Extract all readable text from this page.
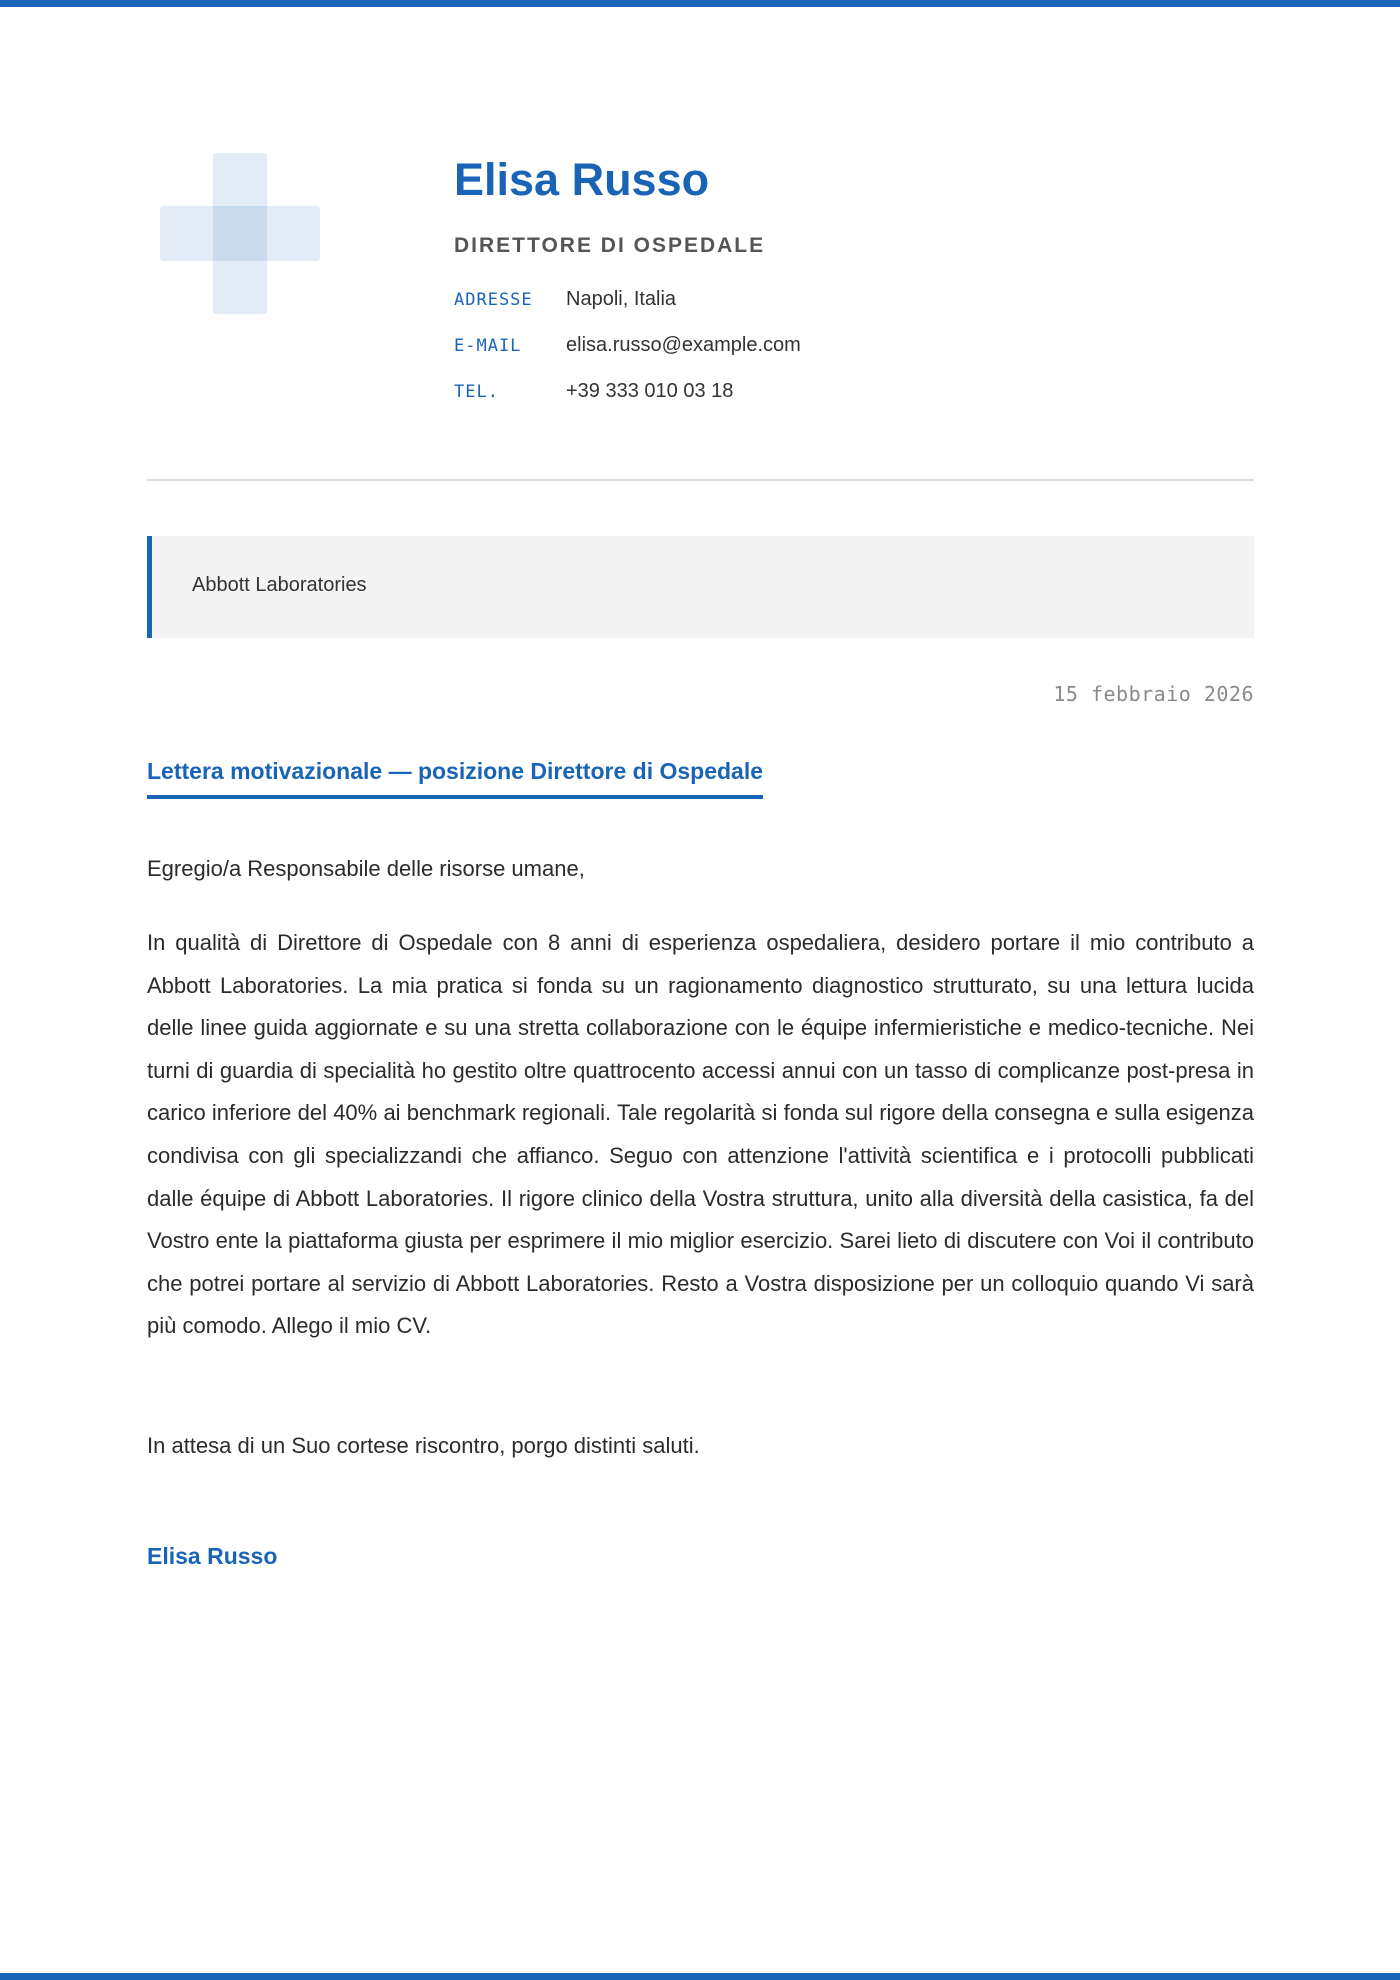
Elisa Russo
DIRETTORE DI OSPEDALE
ADRESSE	Napoli, Italia
E-MAIL	elisa.russo@example.com
TEL.	+39 333 010 03 18
Abbott Laboratories
15 febbraio 2026
Lettera motivazionale — posizione Direttore di Ospedale
Egregio/a Responsabile delle risorse umane,

In qualità di Direttore di Ospedale con 8 anni di esperienza ospedaliera, desidero portare il mio contributo a Abbott Laboratories. La mia pratica si fonda su un ragionamento diagnostico strutturato, su una lettura lucida delle linee guida aggiornate e su una stretta collaborazione con le équipe infermieristiche e medico-tecniche. Nei turni di guardia di specialità ho gestito oltre quattrocento accessi annui con un tasso di complicanze post-presa in carico inferiore del 40% ai benchmark regionali. Tale regolarità si fonda sul rigore della consegna e sulla esigenza condivisa con gli specializzandi che affianco. Seguo con attenzione l'attività scientifica e i protocolli pubblicati dalle équipe di Abbott Laboratories. Il rigore clinico della Vostra struttura, unito alla diversità della casistica, fa del Vostro ente la piattaforma giusta per esprimere il mio miglior esercizio. Sarei lieto di discutere con Voi il contributo che potrei portare al servizio di Abbott Laboratories. Resto a Vostra disposizione per un colloquio quando Vi sarà più comodo. Allego il mio CV.

In attesa di un Suo cortese riscontro, porgo distinti saluti.
Elisa Russo
